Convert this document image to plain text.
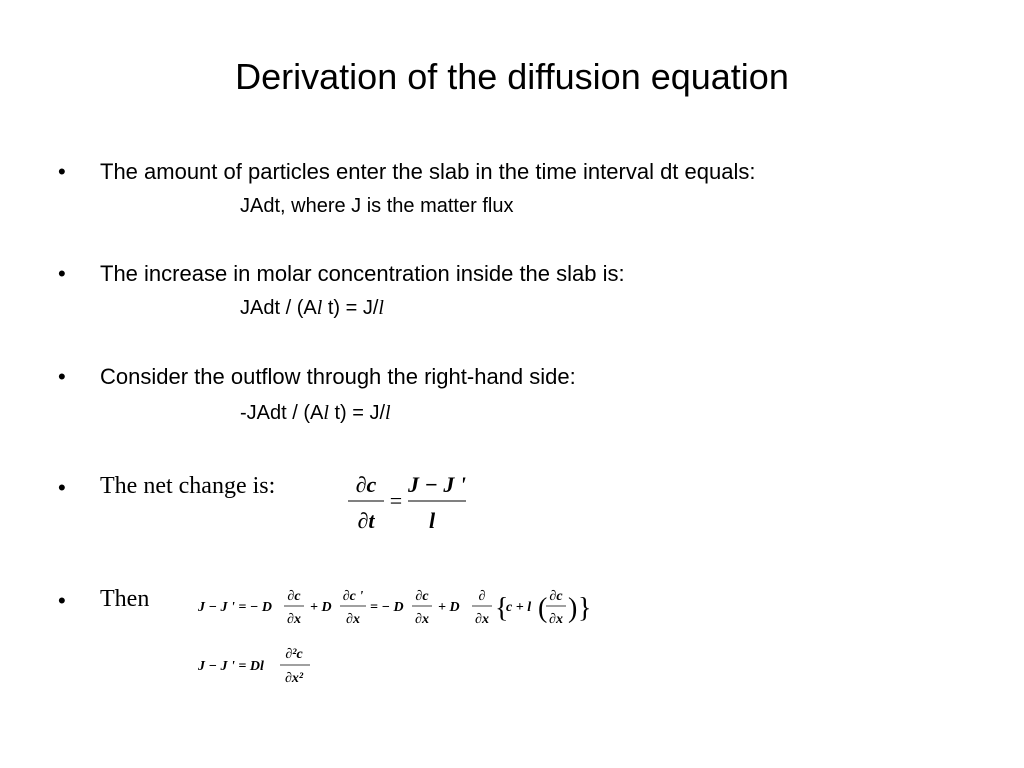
Derivation of the diffusion equation
• The amount of particles enter the slab in the time interval dt equals:
JAdt, where J is the matter flux
• The increase in molar concentration inside the slab is:
JAdt / (Al t) = J/l
• Consider the outflow through the right-hand side:
-JAdt / (Al t) = J/l
• The net change is:	∂c
∂t
=
J − J '
l
• Then	J − J ' = − D
∂c
∂x
+ D
∂c '
∂x
= − D
∂c
∂x
+ D
∂
∂x {
c + l ( ∂c
∂x ) }
J − J ' = Dl
∂²c
∂x²
